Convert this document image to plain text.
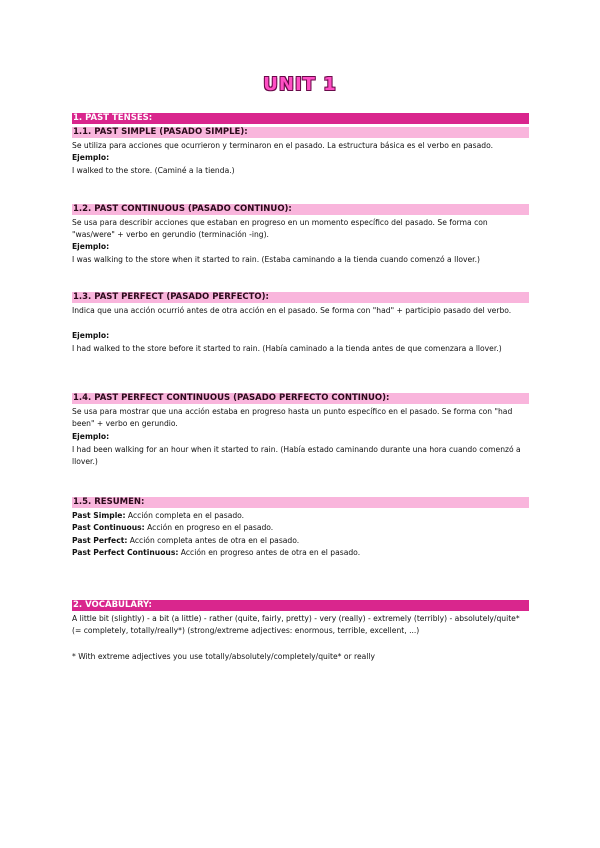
UNIT 1
1. PAST TENSES:
1.1. PAST SIMPLE (PASADO SIMPLE):
Se utiliza para acciones que ocurrieron y terminaron en el pasado. La estructura básica es el verbo en pasado.
Ejemplo:
I walked to the store. (Caminé a la tienda.)
1.2. PAST CONTINUOUS (PASADO CONTINUO):
Se usa para describir acciones que estaban en progreso en un momento específico del pasado. Se forma con "was/were" + verbo en gerundio (terminación -ing).
Ejemplo:
I was walking to the store when it started to rain. (Estaba caminando a la tienda cuando comenzó a llover.)
1.3. PAST PERFECT (PASADO PERFECTO):
Indica que una acción ocurrió antes de otra acción en el pasado. Se forma con "had" + participio pasado del verbo.
Ejemplo:
I had walked to the store before it started to rain. (Había caminado a la tienda antes de que comenzara a llover.)
1.4. PAST PERFECT CONTINUOUS (PASADO PERFECTO CONTINUO):
Se usa para mostrar que una acción estaba en progreso hasta un punto específico en el pasado. Se forma con "had been" + verbo en gerundio.
Ejemplo:
I had been walking for an hour when it started to rain. (Había estado caminando durante una hora cuando comenzó a llover.)
1.5. RESUMEN:
Past Simple: Acción completa en el pasado.
Past Continuous: Acción en progreso en el pasado.
Past Perfect: Acción completa antes de otra en el pasado.
Past Perfect Continuous: Acción en progreso antes de otra en el pasado.
2. VOCABULARY:
A little bit (slightly) - a bit (a little) - rather (quite, fairly, pretty) - very (really) - extremely (terribly) - absolutely/quite* (= completely, totally/really*) (strong/extreme adjectives: enormous, terrible, excellent, ...)
* With extreme adjectives you use totally/absolutely/completely/quite* or really
